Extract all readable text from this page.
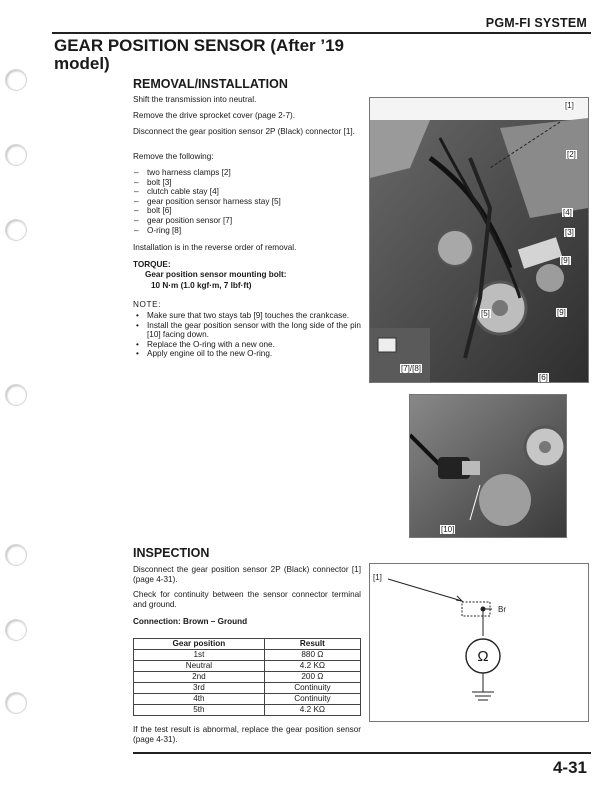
PGM-FI SYSTEM
GEAR POSITION SENSOR (After ’19 model)
REMOVAL/INSTALLATION
Shift the transmission into neutral.
Remove the drive sprocket cover (page 2-7).
Disconnect the gear position sensor 2P (Black) connector [1].
Remove the following:
– two harness clamps [2]
– bolt [3]
– clutch cable stay [4]
– gear position sensor harness stay [5]
– bolt [6]
– gear position sensor [7]
– O-ring [8]
Installation is in the reverse order of removal.
TORQUE:
Gear position sensor mounting bolt:
10 N·m (1.0 kgf·m, 7 lbf·ft)
NOTE:
• Make sure that two stays tab [9] touches the crankcase.
• Install the gear position sensor with the long side of the pin [10] facing down.
• Replace the O-ring with a new one.
• Apply engine oil to the new O-ring.
[1]
[2]
[4]
[3]
[9]
[5]	[9]
[7]/[8]
[6]
[10]
INSPECTION
Disconnect the gear position sensor 2P (Black) connector [1] (page 4-31).
Check for continuity between the sensor connector terminal and ground.
Connection: Brown – Ground
Gear position	Result
1st	880 Ω
Neutral	4.2 KΩ
2nd	200 Ω
3rd	Continuity
4th	Continuity
5th	4.2 KΩ
If the test result is abnormal, replace the gear position sensor (page 4-31).
[1]
Br
Ω
4-31
